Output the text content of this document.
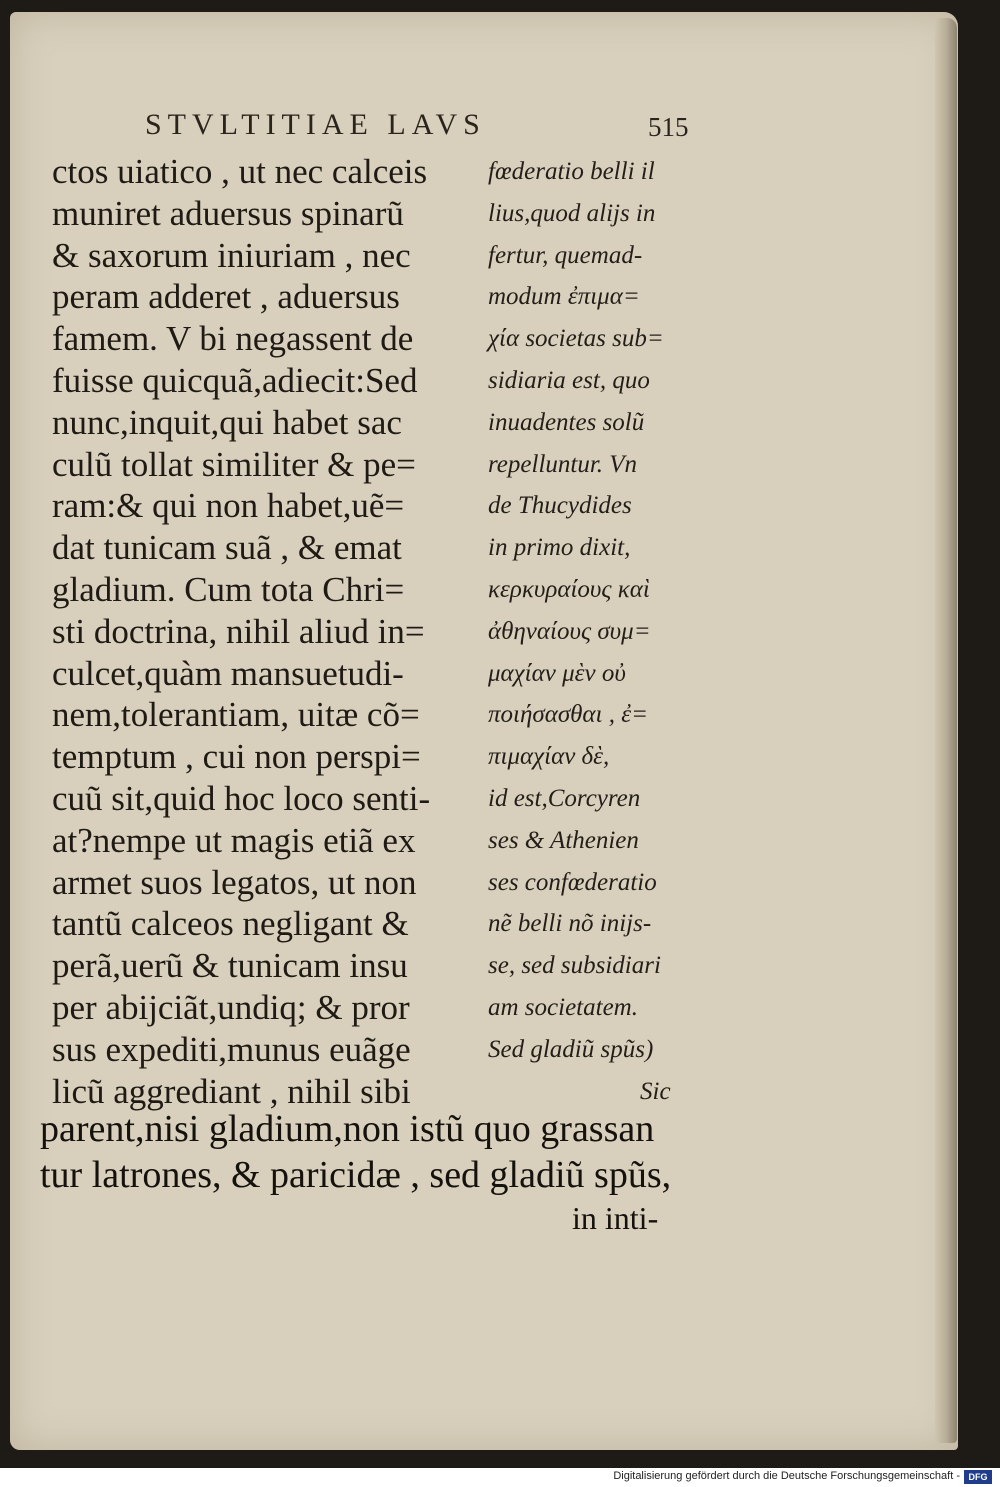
STVLTITIAE LAVS	515
ctos uiatico , ut nec calceis
muniret aduersus spinarũ
& saxorum iniuriam , nec
peram adderet , aduersus
famem. V bi negassent de
fuisse quicquã,adiecit:Sed
nunc,inquit,qui habet sac
culũ tollat similiter & pe=
ram:& qui non habet,uẽ=
dat tunicam suã , & emat
gladium. Cum tota Chri=
sti doctrina, nihil aliud in=
culcet,quàm mansuetudi-
nem,tolerantiam, uitæ cõ=
temptum , cui non perspi=
cuũ sit,quid hoc loco senti-
at?nempe ut magis etiã ex
armet suos legatos, ut non
tantũ calceos negligant &
perã,uerũ & tunicam insu
per abijciãt,undiq; & pror
sus expediti,munus euãge
licũ aggrediant , nihil sibi
fœderatio belli il
lius,quod alijs in
fertur, quemad-
modum ἐπιμα=
χία societas sub=
sidiaria est, quo
inuadentes solũ
repelluntur. Vn
de Thucydides
in primo dixit,
κερκυραίους καὶ
ἀθηναίους συμ=
μαχίαν μὲν οὐ
ποιήσασθαι , ἐ=
πιμαχίαν δὲ,
id est,Corcyren
ses & Athenien
ses confœderatio
nẽ belli nõ inijs-
se, sed subsidiari
am societatem.
Sed gladiũ spũs)
Sic
parent,nisi gladium,non istũ quo grassan
tur latrones, & paricidæ , sed gladiũ spũs,
in inti-
Digitalisierung gefördert durch die Deutsche Forschungsgemeinschaft - DFG
